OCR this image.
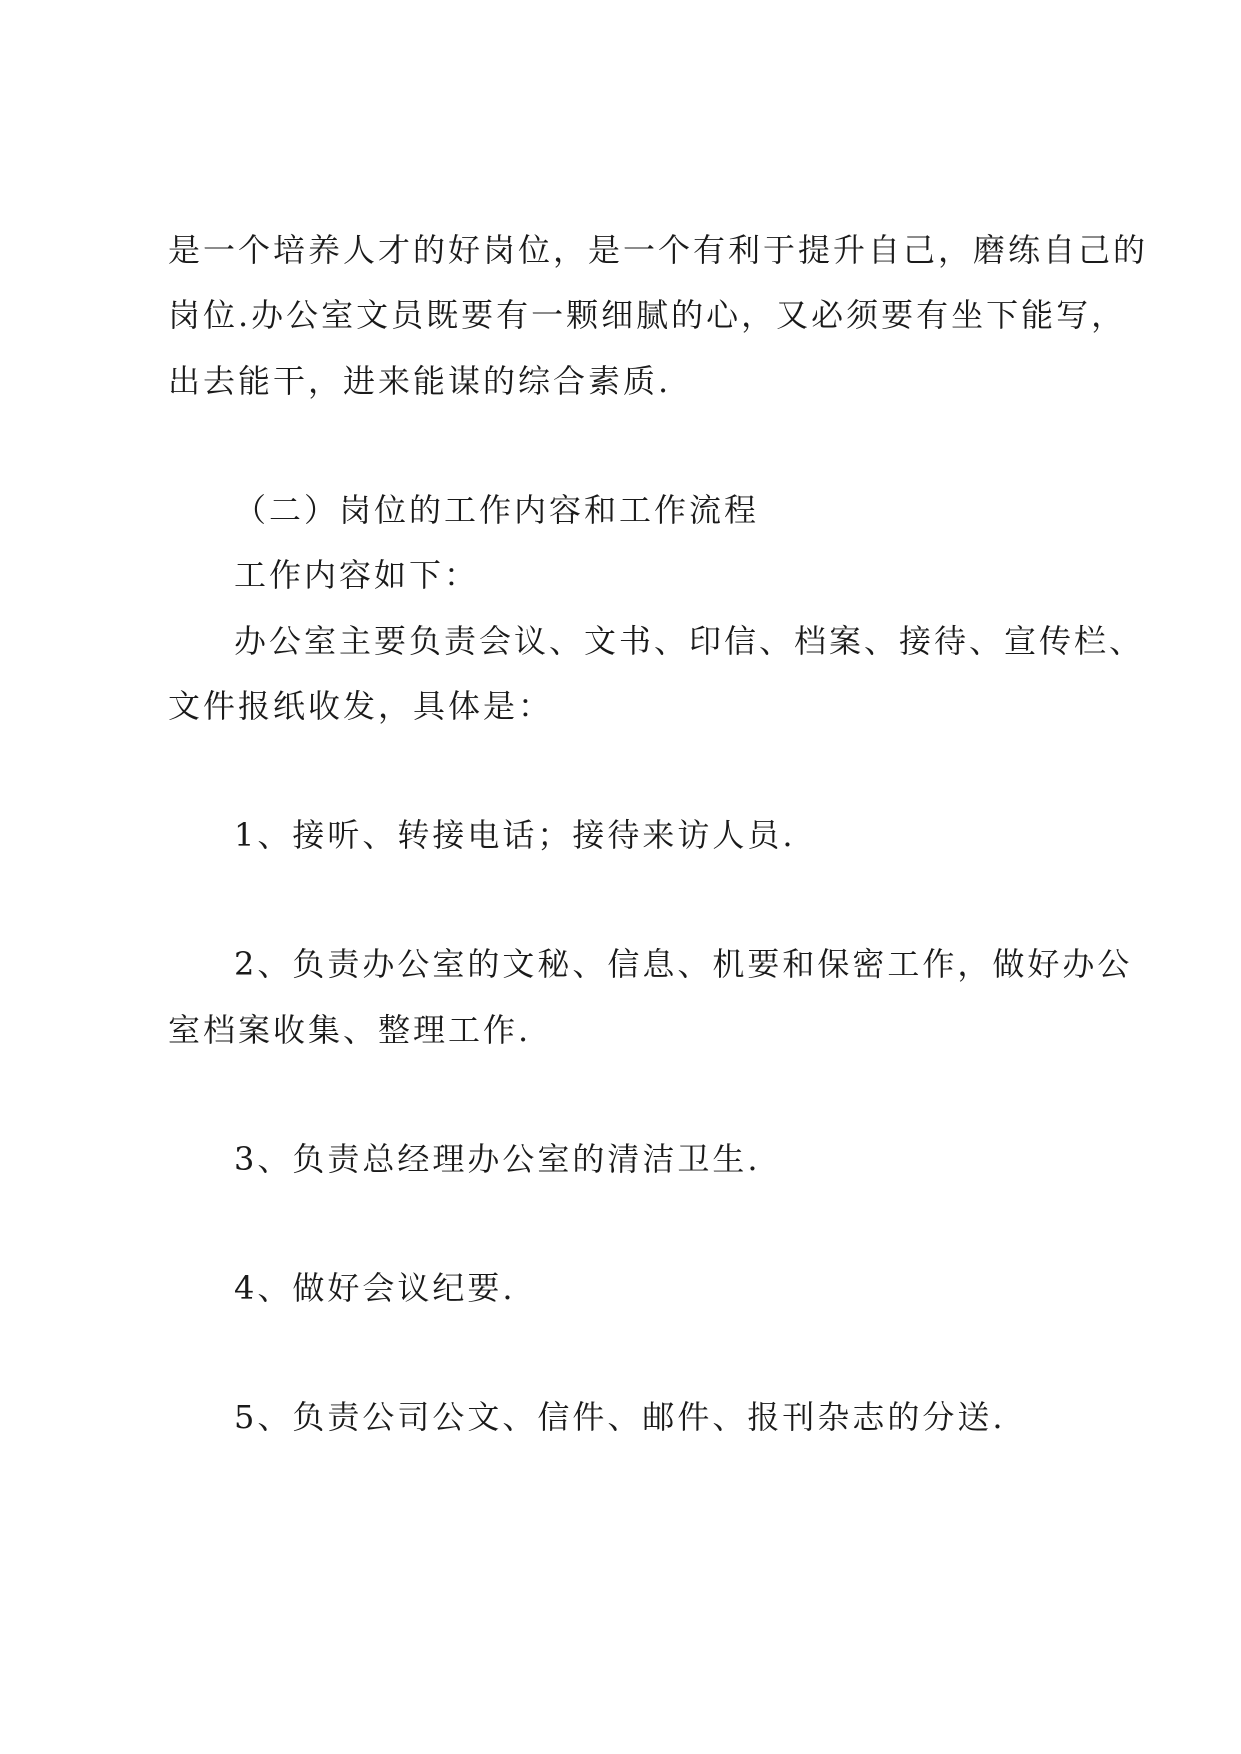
是一个培养人才的好岗位，是一个有利于提升自己，磨练自己的

岗位.办公室文员既要有一颗细腻的心，又必须要有坐下能写，

出去能干，进来能谋的综合素质.

（二）岗位的工作内容和工作流程

工作内容如下：

办公室主要负责会议、文书、印信、档案、接待、宣传栏、

文件报纸收发，具体是：

1、接听、转接电话；接待来访人员.

2、负责办公室的文秘、信息、机要和保密工作，做好办公

室档案收集、整理工作.

3、负责总经理办公室的清洁卫生.

4、做好会议纪要.

5、负责公司公文、信件、邮件、报刊杂志的分送.
